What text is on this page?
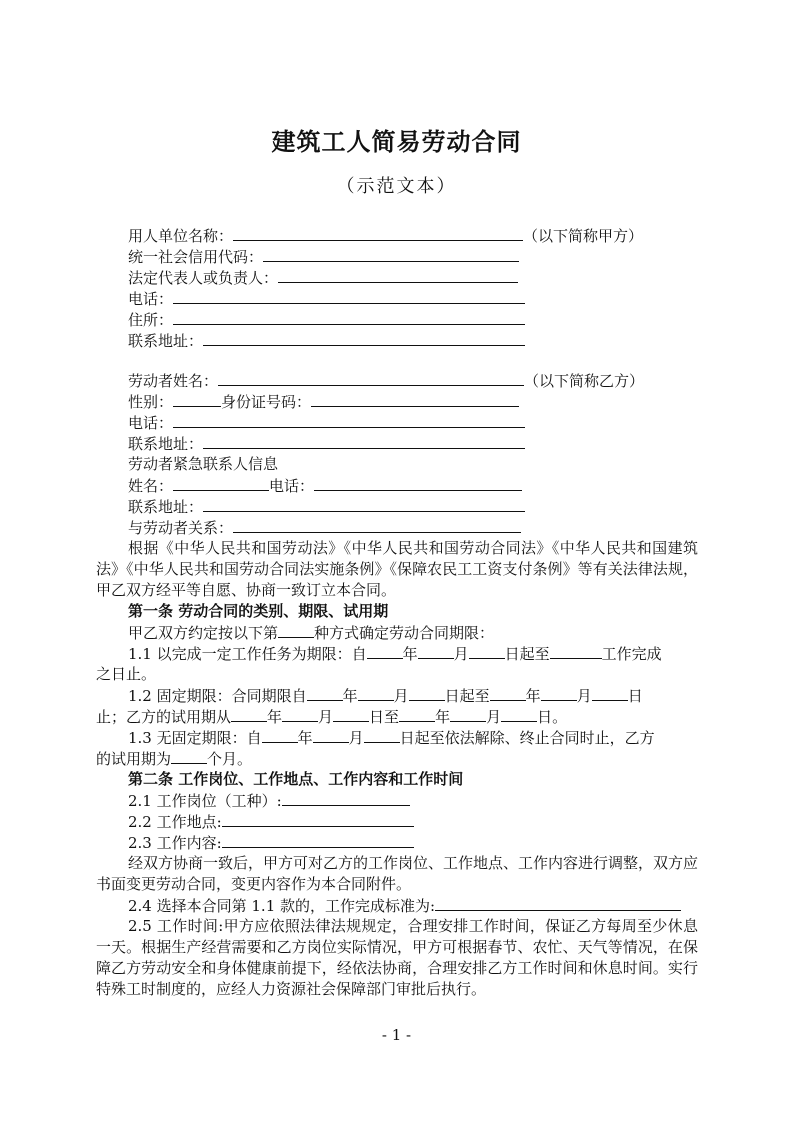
建筑工人简易劳动合同
（示范文本）
用人单位名称：	（以下简称甲方）
统一社会信用代码：
法定代表人或负责人：
电话：
住所：
联系地址：
劳动者姓名：	（以下简称乙方）
性别：	身份证号码：
电话：
联系地址：
劳动者紧急联系人信息
姓名：	电话：
联系地址：
与劳动者关系：
根据《中华人民共和国劳动法》《中华人民共和国劳动合同法》《中华人民共和国建筑法》《中华人民共和国劳动合同法实施条例》《保障农民工工资支付条例》等有关法律法规，甲乙双方经平等自愿、协商一致订立本合同。
第一条 劳动合同的类别、期限、试用期
甲乙双方约定按以下第 种方式确定劳动合同期限：
1.1 以完成一定工作任务为期限：自 年 月 日起至	工作完成
之日止。
1.2 固定期限：合同期限自 年 月 日起至 年 月 日
止；乙方的试用期从 年 月 日至 年 月 日。
1.3 无固定期限：自 年 月 日起至依法解除、终止合同时止，乙方
的试用期为 个月。
第二条 工作岗位、工作地点、工作内容和工作时间
2.1 工作岗位（工种）:
2.2 工作地点:
2.3 工作内容:
经双方协商一致后，甲方可对乙方的工作岗位、工作地点、工作内容进行调整，双方应书面变更劳动合同，变更内容作为本合同附件。
2.4 选择本合同第 1.1 款的，工作完成标准为:
2.5 工作时间:甲方应依照法律法规规定，合理安排工作时间，保证乙方每周至少休息一天。根据生产经营需要和乙方岗位实际情况，甲方可根据春节、农忙、天气等情况，在保障乙方劳动安全和身体健康前提下，经依法协商，合理安排乙方工作时间和休息时间。实行特殊工时制度的，应经人力资源社会保障部门审批后执行。
- 1 -
